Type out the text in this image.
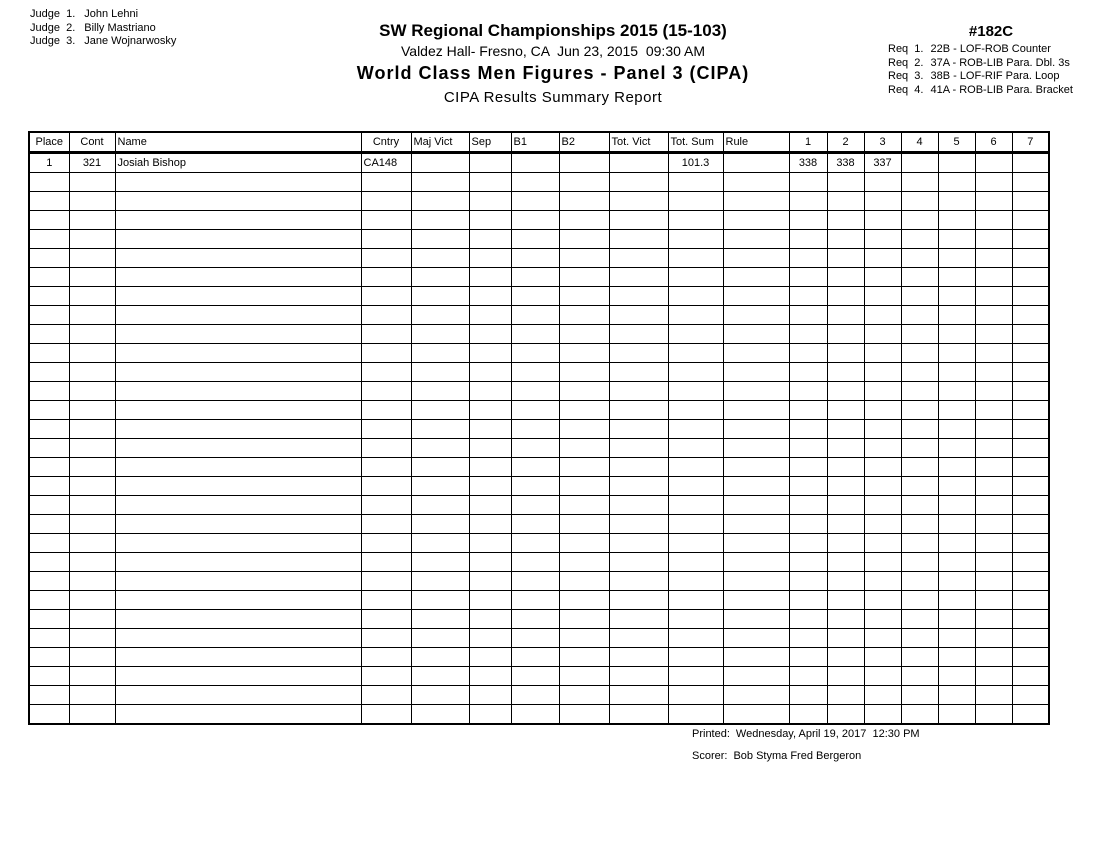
Judge  1. John Lehni
Judge  2. Billy Mastriano
Judge  3. Jane Wojnarwosky
SW Regional Championships 2015 (15-103)
Valdez Hall- Fresno, CA  Jun 23, 2015  09:30 AM
World Class Men Figures - Panel 3 (CIPA)
CIPA Results Summary Report
#182C
Req  1. 22B - LOF-ROB Counter
Req  2. 37A - ROB-LIB Para. Dbl. 3s
Req  3. 38B - LOF-RIF Para. Loop
Req  4. 41A - ROB-LIB Para. Bracket
Place	Cont	Name	Cntry	Maj Vict	Sep	B1	B2	Tot. Vict	Tot. Sum	Rule	1	2	3	4	5	6	7
1	321	Josiah Bishop	CA148						101.3		338	338	337				

Printed: Wednesday, April 19, 2017  12:30 PM
Scorer: Bob Styma Fred Bergeron
